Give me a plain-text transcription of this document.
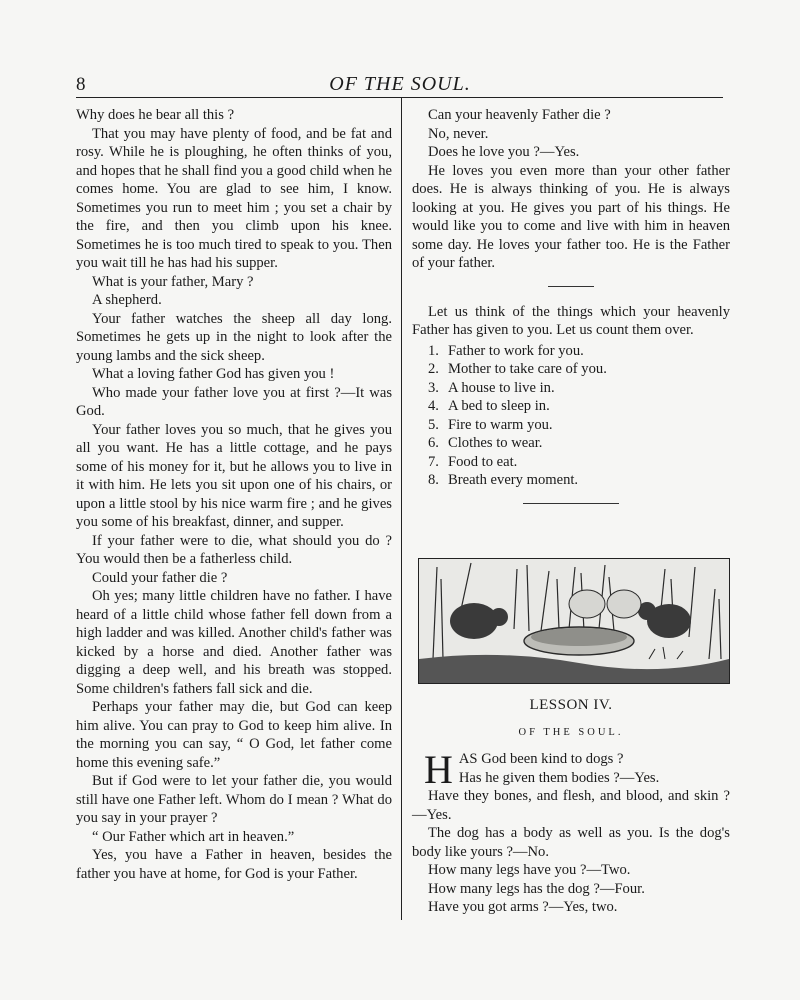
8	OF THE SOUL.

Why does he bear all this ?

That you may have plenty of food, and be fat and rosy. While he is ploughing, he often thinks of you, and hopes that he shall find you a good child when he comes home. You are glad to see him, I know. Sometimes you run to meet him ; you set a chair by the fire, and then you climb upon his knee. Sometimes he is too much tired to speak to you. Then you wait till he has had his supper.

What is your father, Mary ?

A shepherd.

Your father watches the sheep all day long. Sometimes he gets up in the night to look after the young lambs and the sick sheep.

What a loving father God has given you !

Who made your father love you at first ?—It was God.

Your father loves you so much, that he gives you all you want. He has a little cottage, and he pays some of his money for it, but he allows you to live in it with him. He lets you sit upon one of his chairs, or upon a little stool by his nice warm fire ; and he gives you some of his breakfast, dinner, and supper.

If your father were to die, what should you do ? You would then be a fatherless child.

Could your father die ?

Oh yes; many little children have no father. I have heard of a little child whose father fell down from a high ladder and was killed. Another child's father was kicked by a horse and died. Another father was digging a deep well, and his breath was stopped. Some children's fathers fall sick and die.

Perhaps your father may die, but God can keep him alive. You can pray to God to keep him alive. In the morning you can say, “ O God, let father come home this evening safe.”

But if God were to let your father die, you would still have one Father left. Whom do I mean ? What do you say in your prayer ?

“ Our Father which art in heaven.”

Yes, you have a Father in heaven, besides the father you have at home, for God is your Father.

Can your heavenly Father die ?

No, never.

Does he love you ?—Yes.

He loves you even more than your other father does. He is always thinking of you. He is always looking at you. He gives you part of his things. He would like you to come and live with him in heaven some day. He loves your father too. He is the Father of your father.

Let us think of the things which your heavenly Father has given to you. Let us count them over.

1. Father to work for you.
2. Mother to take care of you.
3. A house to live in.
4. A bed to sleep in.
5. Fire to warm you.
6. Clothes to wear.
7. Food to eat.
8. Breath every moment.
LESSON IV.
OF THE SOUL.
H AS God been kind to dogs ?

Has he given them bodies ?—Yes.

Have they bones, and flesh, and blood, and skin ?—Yes.

The dog has a body as well as you. Is the dog's body like yours ?—No.

How many legs have you ?—Two.

How many legs has the dog ?—Four.

Have you got arms ?—Yes, two.
